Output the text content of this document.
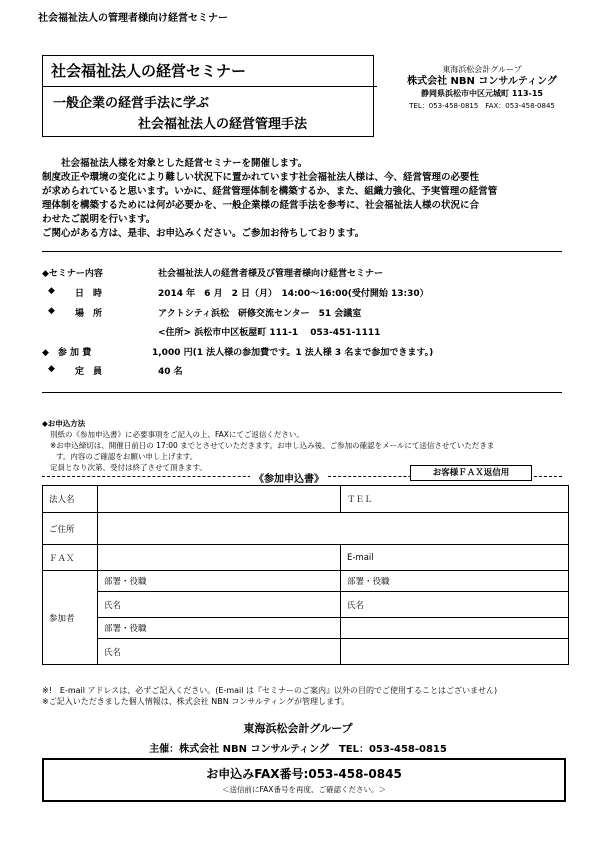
社会福祉法人の管理者様向け経営セミナー
社会福祉法人の経営セミナー
一般企業の経営手法に学ぶ
社会福祉法人の経営管理手法
東海浜松会計グループ
株式会社 NBN コンサルティング
静岡県浜松市中区元城町 113-15
TEL：053-458-0815　FAX：053-458-0845
　　社会福祉法人様を対象とした経営セミナーを開催します。
制度改正や環境の変化により難しい状況下に置かれています社会福祉法人様は、今、経営管理の必要性
が求められていると思います。いかに、経営管理体制を構築するか、また、組織力強化、予実管理の経営管
理体制を構築するためには何が必要かを、一般企業様の経営手法を参考に、社会福祉法人様の状況に合
わせたご説明を行います。
ご関心がある方は、是非、お申込みください。ご参加お待ちしております。
◆セミナー内容	社会福祉法人の経営者様及び管理者様向け経営セミナー
◆ 日　時	2014 年　6 月　2 日（月）　14:00～16:00(受付開始 13:30）
◆ 場　所	アクトシティ浜松　研修交流センター　51 会議室
<住所> 浜松市中区板屋町 111-1　 053-451-1111
◆　参 加 費	1,000 円(1 法人様の参加費です。1 法人様 3 名まで参加できます。)
◆ 定　員	40 名
◆お申込方法
別紙の《参加申込書》に必要事項をご記入の上、FAXにてご返信ください。
※お申込締切は、開催日前日の 17:00 までとさせていただきます。お申し込み後、ご参加の確認をメールにて送信させていただきま
す。内容のご確認をお願い申し上げます。
定員となり次第、受付は終了させて頂きます。
《参加申込書》
お客様ＦＡＸ返信用
法人名		ＴＥＬ	
ご住所			
ＦＡＸ		E-mail	
参加者	部署・役職	部署・役職	
	氏名	氏名	
	部署・役職		
	氏名		
※!　E-mail アドレスは、必ずご記入ください。(E-mail は『セミナーのご案内』以外の目的でご使用することはございません)
※ご記入いただきました個人情報は、株式会社 NBN コンサルティングが管理します。
東海浜松会計グループ
主催：株式会社 NBN コンサルティング　TEL：053-458-0815
お申込みFAX番号:053-458-0845
＜送信前にFAX番号を再度、ご確認ください。＞
